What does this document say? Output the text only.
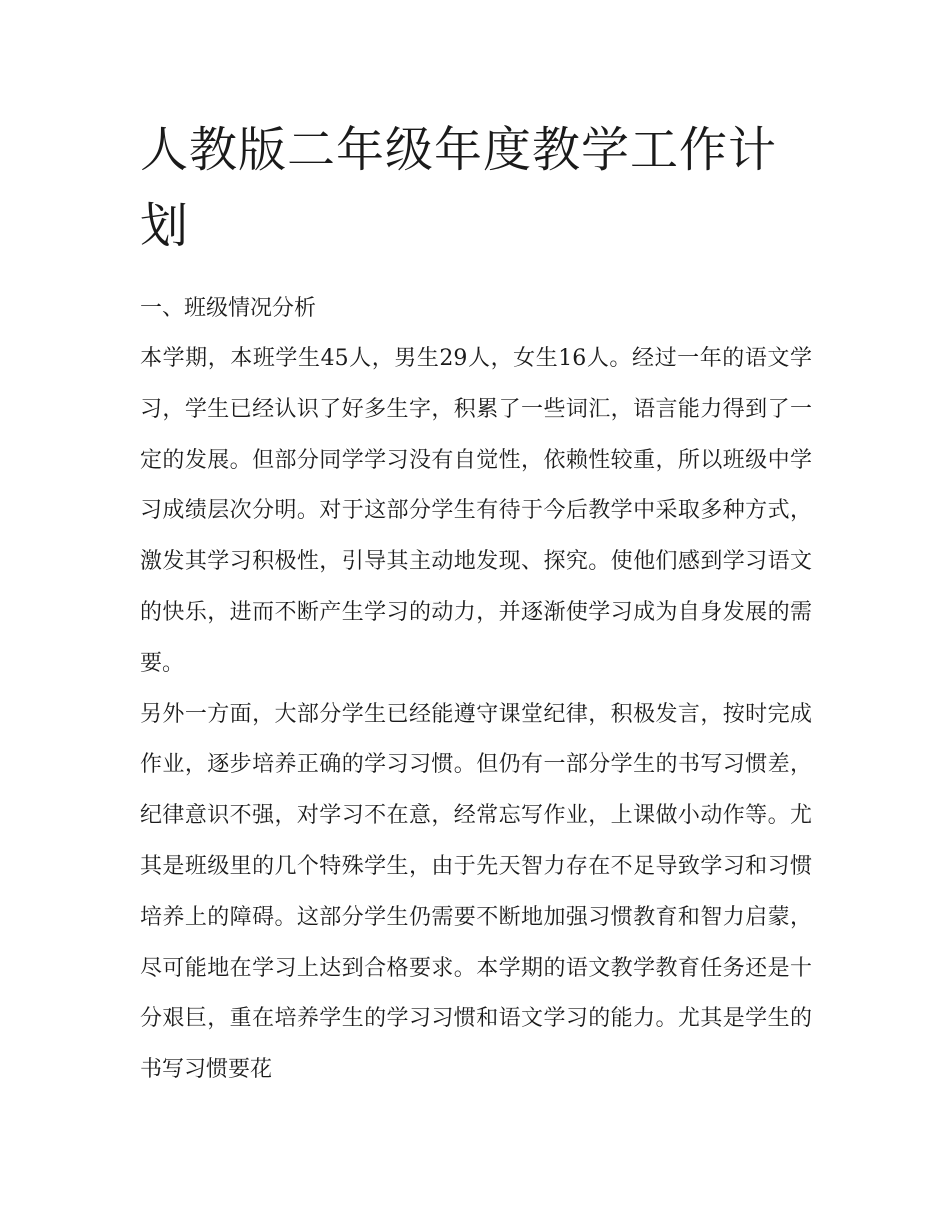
人教版二年级年度教学工作计划
一、班级情况分析

本学期，本班学生45人，男生29人，女生16人。经过一年的语文学习，学生已经认识了好多生字，积累了一些词汇，语言能力得到了一定的发展。但部分同学学习没有自觉性，依赖性较重，所以班级中学习成绩层次分明。对于这部分学生有待于今后教学中采取多种方式，激发其学习积极性，引导其主动地发现、探究。使他们感到学习语文的快乐，进而不断产生学习的动力，并逐渐使学习成为自身发展的需要。

另外一方面，大部分学生已经能遵守课堂纪律，积极发言，按时完成作业，逐步培养正确的学习习惯。但仍有一部分学生的书写习惯差，纪律意识不强，对学习不在意，经常忘写作业，上课做小动作等。尤其是班级里的几个特殊学生，由于先天智力存在不足导致学习和习惯培养上的障碍。这部分学生仍需要不断地加强习惯教育和智力启蒙，尽可能地在学习上达到合格要求。本学期的语文教学教育任务还是十分艰巨，重在培养学生的学习习惯和语文学习的能力。尤其是学生的书写习惯要花
